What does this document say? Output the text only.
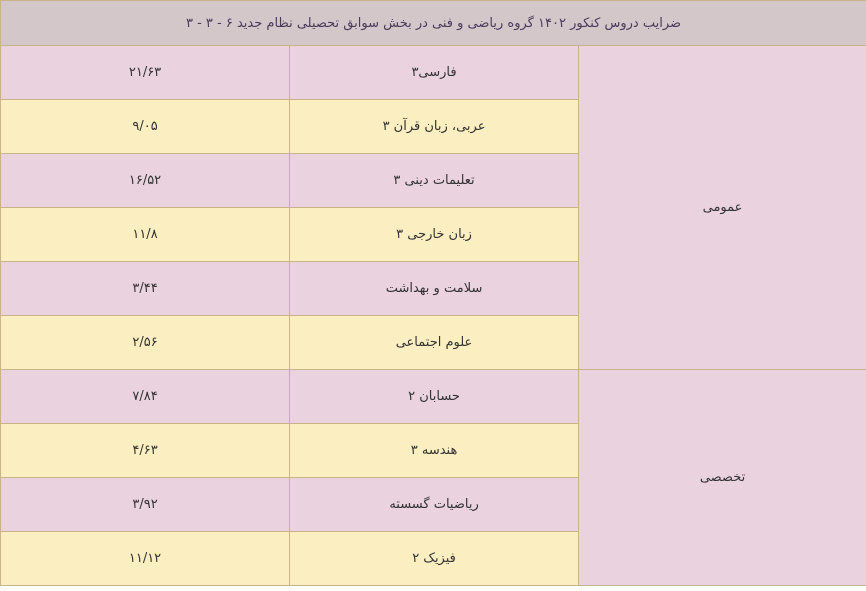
ضرایب دروس کنکور ۱۴۰۲ گروه ریاضی و فنی در بخش سوابق تحصیلی نظام جدید ۶ - ۳ - ۳		
عمومی	فارسی۳	۲۱/۶۳
	عربی، زبان قرآن ۳	۹/۰۵
	تعلیمات دینی ۳	۱۶/۵۲
	زبان خارجی ۳	۱۱/۸
	سلامت و بهداشت	۳/۴۴
	علوم اجتماعی	۲/۵۶
تخصصی	حسابان ۲	۷/۸۴
	هندسه ۳	۴/۶۳
	ریاضیات گسسته	۳/۹۲
	فیزیک ۲	۱۱/۱۲
